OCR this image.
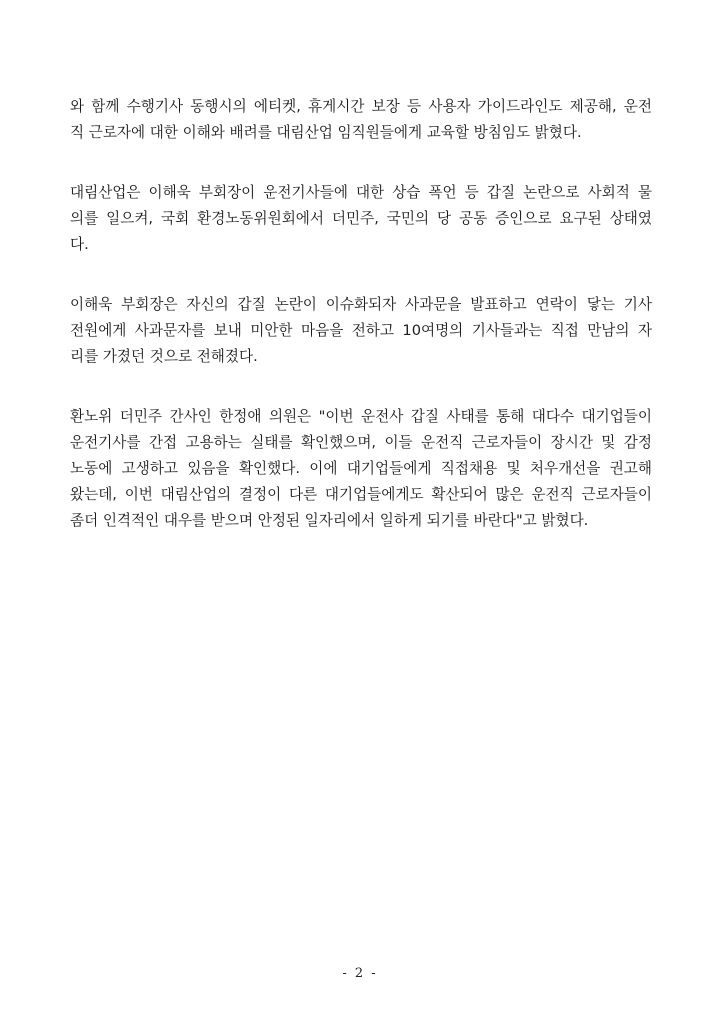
와 함께 수행기사 동행시의 에티켓, 휴게시간 보장 등 사용자 가이드라인도 제공해, 운전
직 근로자에 대한 이해와 배려를 대림산업 임직원들에게 교육할 방침임도 밝혔다.

대림산업은 이해욱 부회장이 운전기사들에 대한 상습 폭언 등 갑질 논란으로 사회적 물
의를 일으켜, 국회 환경노동위원회에서 더민주, 국민의 당 공동 증인으로 요구된 상태였
다.

이해욱 부회장은 자신의 갑질 논란이 이슈화되자 사과문을 발표하고 연락이 닿는 기사
전원에게 사과문자를 보내 미안한 마음을 전하고 10여명의 기사들과는 직접 만남의 자
리를 가졌던 것으로 전해졌다.

환노위 더민주 간사인 한정애 의원은 "이번 운전사 갑질 사태를 통해 대다수 대기업들이
운전기사를 간접 고용하는 실태를 확인했으며, 이들 운전직 근로자들이 장시간 및 감정
노동에 고생하고 있음을 확인했다. 이에 대기업들에게 직접채용 및 처우개선을 권고해
왔는데, 이번 대림산업의 결정이 다른 대기업들에게도 확산되어 많은 운전직 근로자들이
좀더 인격적인 대우를 받으며 안정된 일자리에서 일하게 되기를 바란다"고 밝혔다.

- 2 -
